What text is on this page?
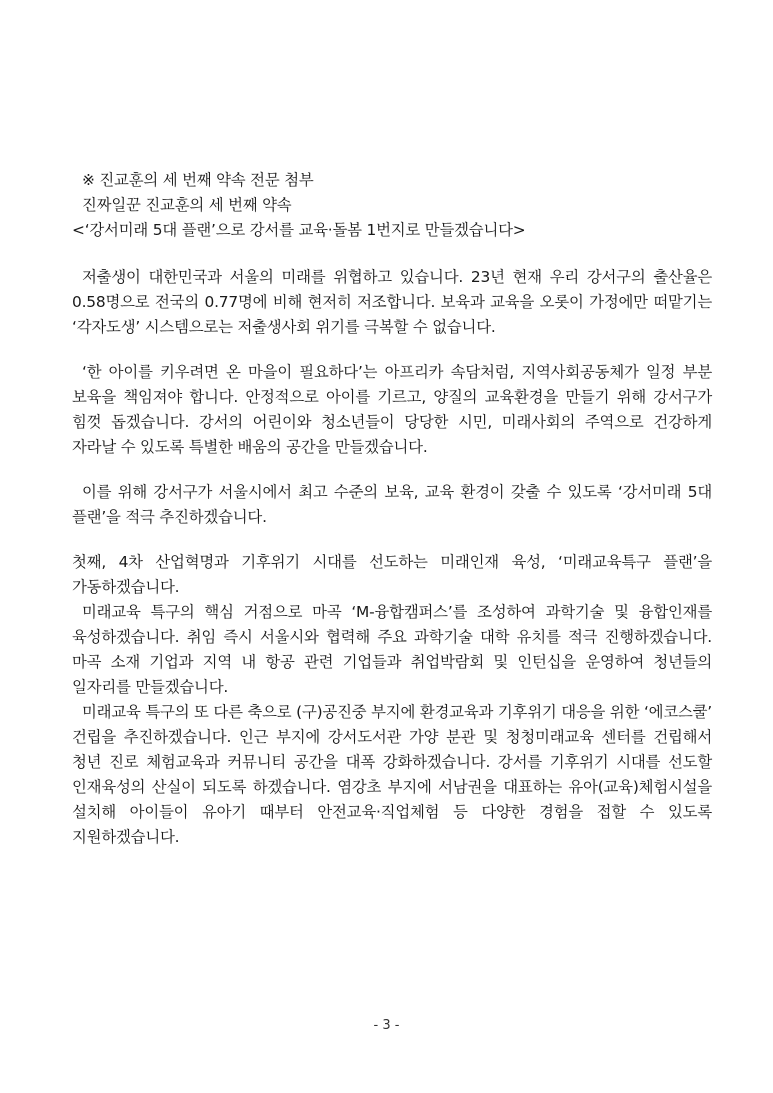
※ 진교훈의 세 번째 약속 전문 첨부
진짜일꾼 진교훈의 세 번째 약속
<‘강서미래 5대 플랜’으로 강서를 교육·돌봄 1번지로 만들겠습니다>

저출생이 대한민국과 서울의 미래를 위협하고 있습니다. 23년 현재 우리 강서구의 출산율은 0.58명으로 전국의 0.77명에 비해 현저히 저조합니다. 보육과 교육을 오롯이 가정에만 떠맡기는 ‘각자도생’ 시스템으로는 저출생사회 위기를 극복할 수 없습니다.

‘한 아이를 키우려면 온 마을이 필요하다’는 아프리카 속담처럼, 지역사회공동체가 일정 부분 보육을 책임져야 합니다. 안정적으로 아이를 기르고, 양질의 교육환경을 만들기 위해 강서구가 힘껏 돕겠습니다. 강서의 어린이와 청소년들이 당당한 시민, 미래사회의 주역으로 건강하게 자라날 수 있도록 특별한 배움의 공간을 만들겠습니다.

이를 위해 강서구가 서울시에서 최고 수준의 보육, 교육 환경이 갖출 수 있도록 ‘강서미래 5대 플랜’을 적극 추진하겠습니다.

첫째, 4차 산업혁명과 기후위기 시대를 선도하는 미래인재 육성, ‘미래교육특구 플랜’을 가동하겠습니다.

미래교육 특구의 핵심 거점으로 마곡 ‘M-융합캠퍼스’를 조성하여 과학기술 및 융합인재를 육성하겠습니다. 취임 즉시 서울시와 협력해 주요 과학기술 대학 유치를 적극 진행하겠습니다. 마곡 소재 기업과 지역 내 항공 관련 기업들과 취업박람회 및 인턴십을 운영하여 청년들의 일자리를 만들겠습니다.

미래교육 특구의 또 다른 축으로 (구)공진중 부지에 환경교육과 기후위기 대응을 위한 ‘에코스쿨’ 건립을 추진하겠습니다. 인근 부지에 강서도서관 가양 분관 및 청청미래교육 센터를 건립해서 청년 진로 체험교육과 커뮤니티 공간을 대폭 강화하겠습니다. 강서를 기후위기 시대를 선도할 인재육성의 산실이 되도록 하겠습니다. 염강초 부지에 서남권을 대표하는 유아(교육)체험시설을 설치해 아이들이 유아기 때부터 안전교육·직업체험 등 다양한 경험을 접할 수 있도록 지원하겠습니다.

- 3 -
